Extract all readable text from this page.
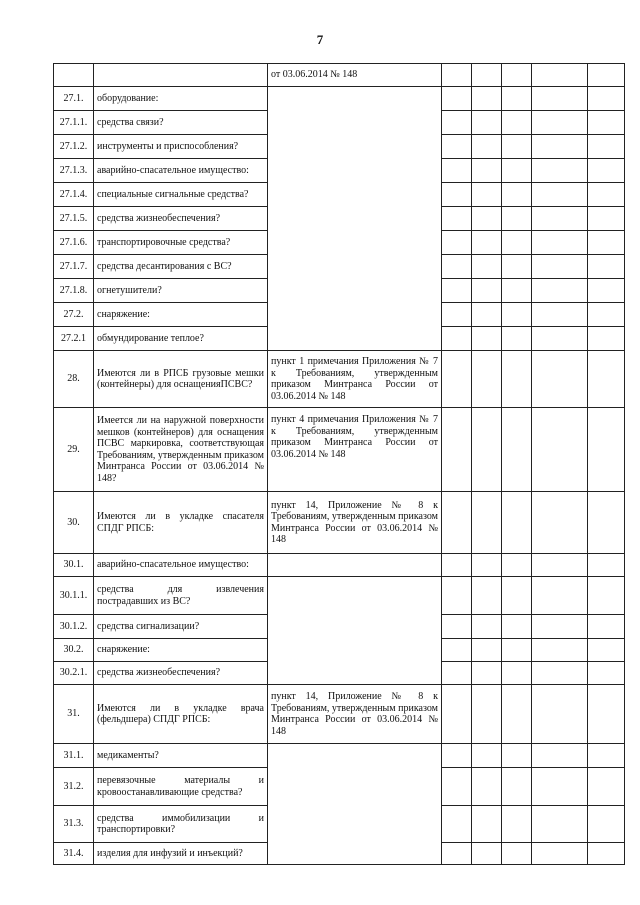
7
		от 03.06.2014 № 148					
27.1.	оборудование:						
27.1.1.	средства связи?						
27.1.2.	инструменты и приспособления?						
27.1.3.	аварийно-спасательное имущество:						
27.1.4.	специальные сигнальные средства?						
27.1.5.	средства жизнеобеспечения?						
27.1.6.	транспортировочные средства?						
27.1.7.	средства десантирования с ВС?						
27.1.8.	огнетушители?						
27.2.	снаряжение:						
27.2.1	обмундирование теплое?						
28.	Имеются ли в РПСБ грузовые мешки (контейнеры) для оснащенияПСВС?	пункт 1 примечания Приложения № 7 к Требованиям, утвержденным приказом Минтранса России от 03.06.2014 № 148					
29.	Имеется ли на наружной поверхности мешков (контейнеров) для оснащения ПСВС маркировка, соответствующая Требованиям, утвержденным приказом Минтранса России от 03.06.2014 № 148?	пункт 4 примечания Приложения № 7 к Требованиям, утвержденным приказом Минтранса России от 03.06.2014 № 148					
30.	Имеются ли в укладке спасателя СПДГ РПСБ:	пункт 14, Приложение № 8 к Требованиям, утвержденным приказом Минтранса России от 03.06.2014 № 148					
30.1.	аварийно-спасательное имущество:						
30.1.1.	средства для извлечения пострадавших из ВС?						
30.1.2.	средства сигнализации?						
30.2.	снаряжение:						
30.2.1.	средства жизнеобеспечения?						
31.	Имеются ли в укладке врача (фельдшера) СПДГ РПСБ:	пункт 14, Приложение № 8 к Требованиям, утвержденным приказом Минтранса России от 03.06.2014 № 148					
31.1.	медикаменты?						
31.2.	перевязочные материалы и кровоостанавливающие средства?						
31.3.	средства иммобилизации и транспортировки?						
31.4.	изделия для инфузий и инъекций?						
